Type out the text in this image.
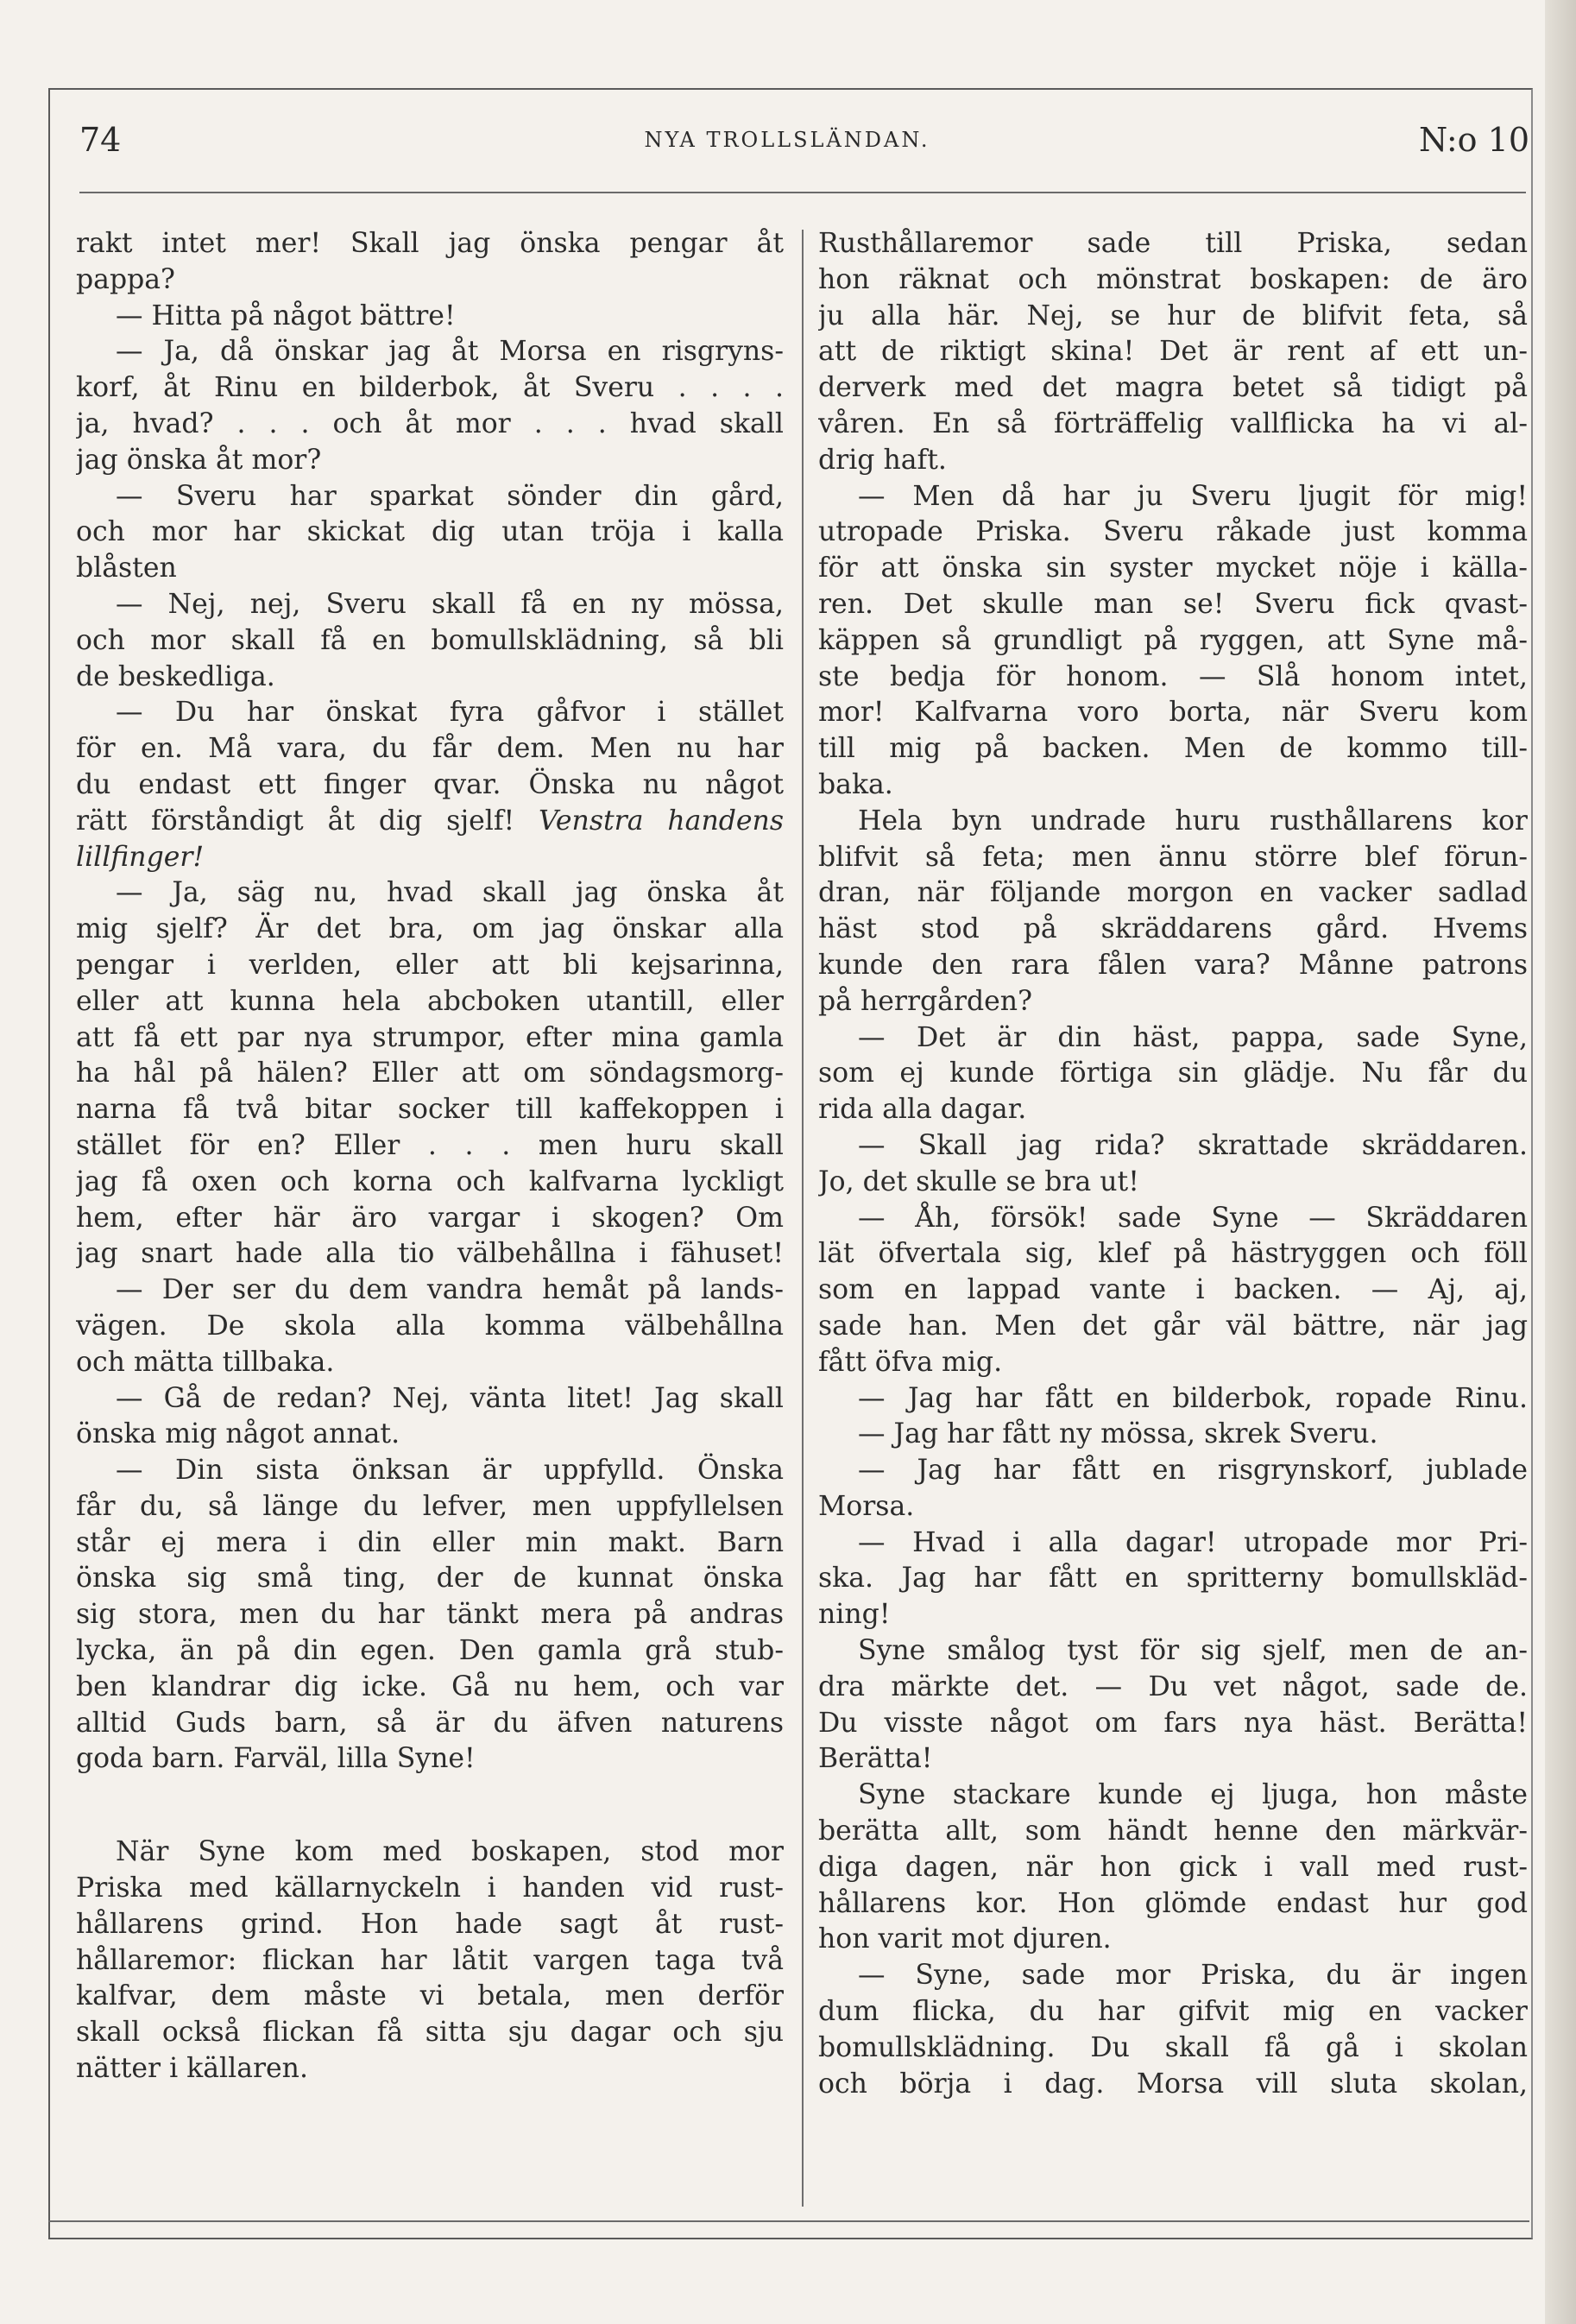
74	NYA TROLLSLÄNDAN.	N:o 10
rakt intet mer! Skall jag önska pengar åt
pappa?
— Hitta på något bättre!
— Ja, då önskar jag åt Morsa en risgryns-
korf, åt Rinu en bilderbok, åt Sveru . . . .
ja, hvad? . . . och åt mor . . . hvad skall
jag önska åt mor?
— Sveru har sparkat sönder din gård,
och mor har skickat dig utan tröja i kalla
blåsten
— Nej, nej, Sveru skall få en ny mössa,
och mor skall få en bomullsklädning, så bli
de beskedliga.
— Du har önskat fyra gåfvor i stället
för en. Må vara, du får dem. Men nu har
du endast ett finger qvar. Önska nu något
rätt förståndigt åt dig sjelf! Venstra handens
lillfinger!
— Ja, säg nu, hvad skall jag önska åt
mig sjelf? Är det bra, om jag önskar alla
pengar i verlden, eller att bli kejsarinna,
eller att kunna hela abcboken utantill, eller
att få ett par nya strumpor, efter mina gamla
ha hål på hälen? Eller att om söndagsmorg-
narna få två bitar socker till kaffekoppen i
stället för en? Eller . . . men huru skall
jag få oxen och korna och kalfvarna lyckligt
hem, efter här äro vargar i skogen? Om
jag snart hade alla tio välbehållna i fähuset!
— Der ser du dem vandra hemåt på lands-
vägen. De skola alla komma välbehållna
och mätta tillbaka.
— Gå de redan? Nej, vänta litet! Jag skall
önska mig något annat.
— Din sista önksan är uppfylld. Önska
får du, så länge du lefver, men uppfyllelsen
står ej mera i din eller min makt. Barn
önska sig små ting, der de kunnat önska
sig stora, men du har tänkt mera på andras
lycka, än på din egen. Den gamla grå stub-
ben klandrar dig icke. Gå nu hem, och var
alltid Guds barn, så är du äfven naturens
goda barn. Farväl, lilla Syne!
När Syne kom med boskapen, stod mor
Priska med källarnyckeln i handen vid rust-
hållarens grind. Hon hade sagt åt rust-
hållaremor: flickan har låtit vargen taga två
kalfvar, dem måste vi betala, men derför
skall också flickan få sitta sju dagar och sju
nätter i källaren.
Rusthållaremor sade till Priska, sedan
hon räknat och mönstrat boskapen: de äro
ju alla här. Nej, se hur de blifvit feta, så
att de riktigt skina! Det är rent af ett un-
derverk med det magra betet så tidigt på
våren. En så förträffelig vallflicka ha vi al-
drig haft.
— Men då har ju Sveru ljugit för mig!
utropade Priska. Sveru råkade just komma
för att önska sin syster mycket nöje i källa-
ren. Det skulle man se! Sveru fick qvast-
käppen så grundligt på ryggen, att Syne må-
ste bedja för honom. — Slå honom intet,
mor! Kalfvarna voro borta, när Sveru kom
till mig på backen. Men de kommo till-
baka.
Hela byn undrade huru rusthållarens kor
blifvit så feta; men ännu större blef förun-
dran, när följande morgon en vacker sadlad
häst stod på skräddarens gård. Hvems
kunde den rara fålen vara? Månne patrons
på herrgården?
— Det är din häst, pappa, sade Syne,
som ej kunde förtiga sin glädje. Nu får du
rida alla dagar.
— Skall jag rida? skrattade skräddaren.
Jo, det skulle se bra ut!
— Åh, försök! sade Syne — Skräddaren
lät öfvertala sig, klef på hästryggen och föll
som en lappad vante i backen. — Aj, aj,
sade han. Men det går väl bättre, när jag
fått öfva mig.
— Jag har fått en bilderbok, ropade Rinu.
— Jag har fått ny mössa, skrek Sveru.
— Jag har fått en risgrynskorf, jublade
Morsa.
— Hvad i alla dagar! utropade mor Pri-
ska. Jag har fått en spritterny bomullskläd-
ning!
Syne smålog tyst för sig sjelf, men de an-
dra märkte det. — Du vet något, sade de.
Du visste något om fars nya häst. Berätta!
Berätta!
Syne stackare kunde ej ljuga, hon måste
berätta allt, som händt henne den märkvär-
diga dagen, när hon gick i vall med rust-
hållarens kor. Hon glömde endast hur god
hon varit mot djuren.
— Syne, sade mor Priska, du är ingen
dum flicka, du har gifvit mig en vacker
bomullsklädning. Du skall få gå i skolan
och börja i dag. Morsa vill sluta skolan,
